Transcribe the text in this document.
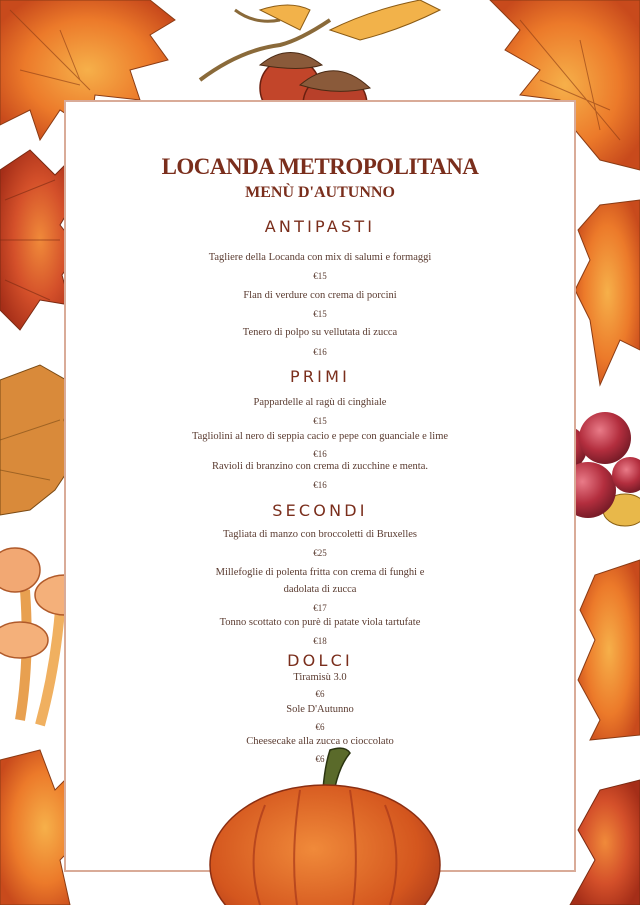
LOCANDA METROPOLITANA
MENÙ D'AUTUNNO
ANTIPASTI
Tagliere della Locanda con mix di salumi e formaggi
€15
Flan di verdure con crema di porcini
€15
Tenero di polpo su vellutata di zucca
€16
PRIMI
Pappardelle al ragù di cinghiale
€15
Tagliolini al nero di seppia cacio e pepe con guanciale e lime
€16
Ravioli di branzino con crema di zucchine e menta.
€16
SECONDI
Tagliata di manzo con broccoletti di Bruxelles
€25
Millefoglie di polenta fritta con crema di funghi e
dadolata di zucca
€17
Tonno scottato con purè di patate viola tartufate
€18
DOLCI
Tiramisù 3.0
€6
Sole D'Autunno
€6
Cheesecake alla zucca o cioccolato
€6
